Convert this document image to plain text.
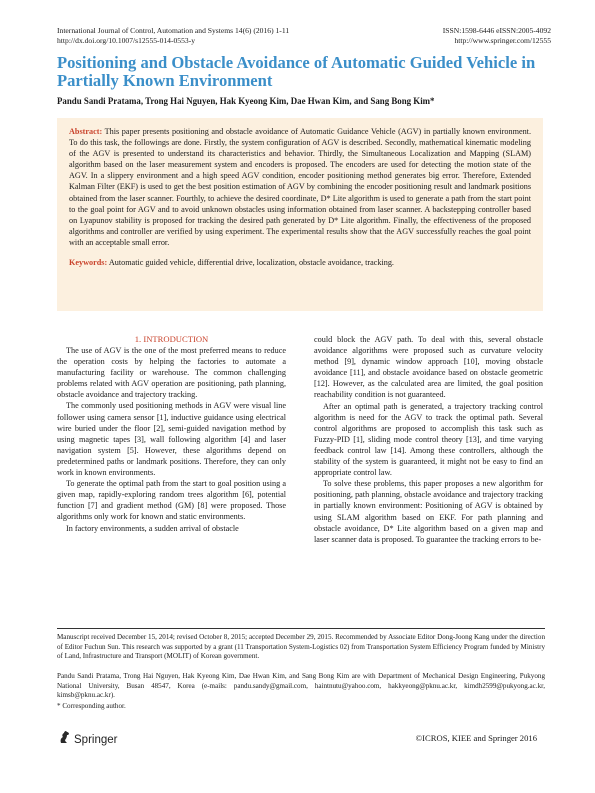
International Journal of Control, Automation and Systems 14(6) (2016) 1-11
http://dx.doi.org/10.1007/s12555-014-0553-y
ISSN:1598-6446 eISSN:2005-4092
http://www.springer.com/12555
Positioning and Obstacle Avoidance of Automatic Guided Vehicle in Partially Known Environment
Pandu Sandi Pratama, Trong Hai Nguyen, Hak Kyeong Kim, Dae Hwan Kim, and Sang Bong Kim*

Abstract: This paper presents positioning and obstacle avoidance of Automatic Guidance Vehicle (AGV) in partially known environment. To do this task, the followings are done. Firstly, the system configuration of AGV is described. Secondly, mathematical kinematic modeling of the AGV is presented to understand its characteristics and behavior. Thirdly, the Simultaneous Localization and Mapping (SLAM) algorithm based on the laser measurement system and encoders is proposed. The encoders are used for detecting the motion state of the AGV. In a slippery environment and a high speed AGV condition, encoder positioning method generates big error. Therefore, Extended Kalman Filter (EKF) is used to get the best position estimation of AGV by combining the encoder positioning result and landmark positions obtained from the laser scanner. Fourthly, to achieve the desired coordinate, D* Lite algorithm is used to generate a path from the start point to the goal point for AGV and to avoid unknown obstacles using information obtained from laser scanner. A backstepping controller based on Lyapunov stability is proposed for tracking the desired path generated by D* Lite algorithm. Finally, the effectiveness of the proposed algorithms and controller are verified by using experiment. The experimental results show that the AGV successfully reaches the goal point with an acceptable small error.

Keywords: Automatic guided vehicle, differential drive, localization, obstacle avoidance, tracking.

1. INTRODUCTION

The use of AGV is the one of the most preferred means to reduce the operation costs by helping the factories to automate a manufacturing facility or warehouse. The common challenging problems related with AGV operation are positioning, path planning, obstacle avoidance and trajectory tracking.

The commonly used positioning methods in AGV were visual line follower using camera sensor [1], inductive guidance using electrical wire buried under the floor [2], semi-guided navigation method by using magnetic tapes [3], wall following algorithm [4] and laser navigation system [5]. However, these algorithms depend on predetermined paths or landmark positions. Therefore, they can only work in known environments.

To generate the optimal path from the start to goal position using a given map, rapidly-exploring random trees algorithm [6], potential function [7] and gradient method (GM) [8] were proposed. Those algorithms only work for known and static environments.

In factory environments, a sudden arrival of obstacle

could block the AGV path. To deal with this, several obstacle avoidance algorithms were proposed such as curvature velocity method [9], dynamic window approach [10], moving obstacle avoidance [11], and obstacle avoidance based on obstacle geometric [12]. However, as the calculated area are limited, the goal position reachability condition is not guaranteed.

After an optimal path is generated, a trajectory tracking control algorithm is need for the AGV to track the optimal path. Several control algorithms are proposed to accomplish this task such as Fuzzy-PID [1], sliding mode control theory [13], and time varying feedback control law [14]. Among these controllers, although the stability of the system is guaranteed, it might not be easy to find an appropriate control law.

To solve these problems, this paper proposes a new algorithm for positioning, path planning, obstacle avoidance and trajectory tracking in partially known environment: Positioning of AGV is obtained by using SLAM algorithm based on EKF. For path planning and obstacle avoidance, D* Lite algorithm based on a given map and laser scanner data is proposed. To guarantee the tracking errors to be-

Manuscript received December 15, 2014; revised October 8, 2015; accepted December 29, 2015. Recommended by Associate Editor Dong-Joong Kang under the direction of Editor Fuchun Sun. This research was supported by a grant (11 Transportation System-Logistics 02) from Transportation System Efficiency Program funded by Ministry of Land, Infrastructure and Transport (MOLIT) of Korean government.
Pandu Sandi Pratama, Trong Hai Nguyen, Hak Kyeong Kim, Dae Hwan Kim, and Sang Bong Kim are with Department of Mechanical Design Engineering, Pukyong National University, Busan 48547, Korea (e-mails: pandu.sandy@gmail.com, haintnutu@yahoo.com, hakkyeong@pknu.ac.kr, kimdh2599@pukyong.ac.kr, kimsb@pknu.ac.kr).
* Corresponding author.
Springer	©ICROS, KIEE and Springer 2016
